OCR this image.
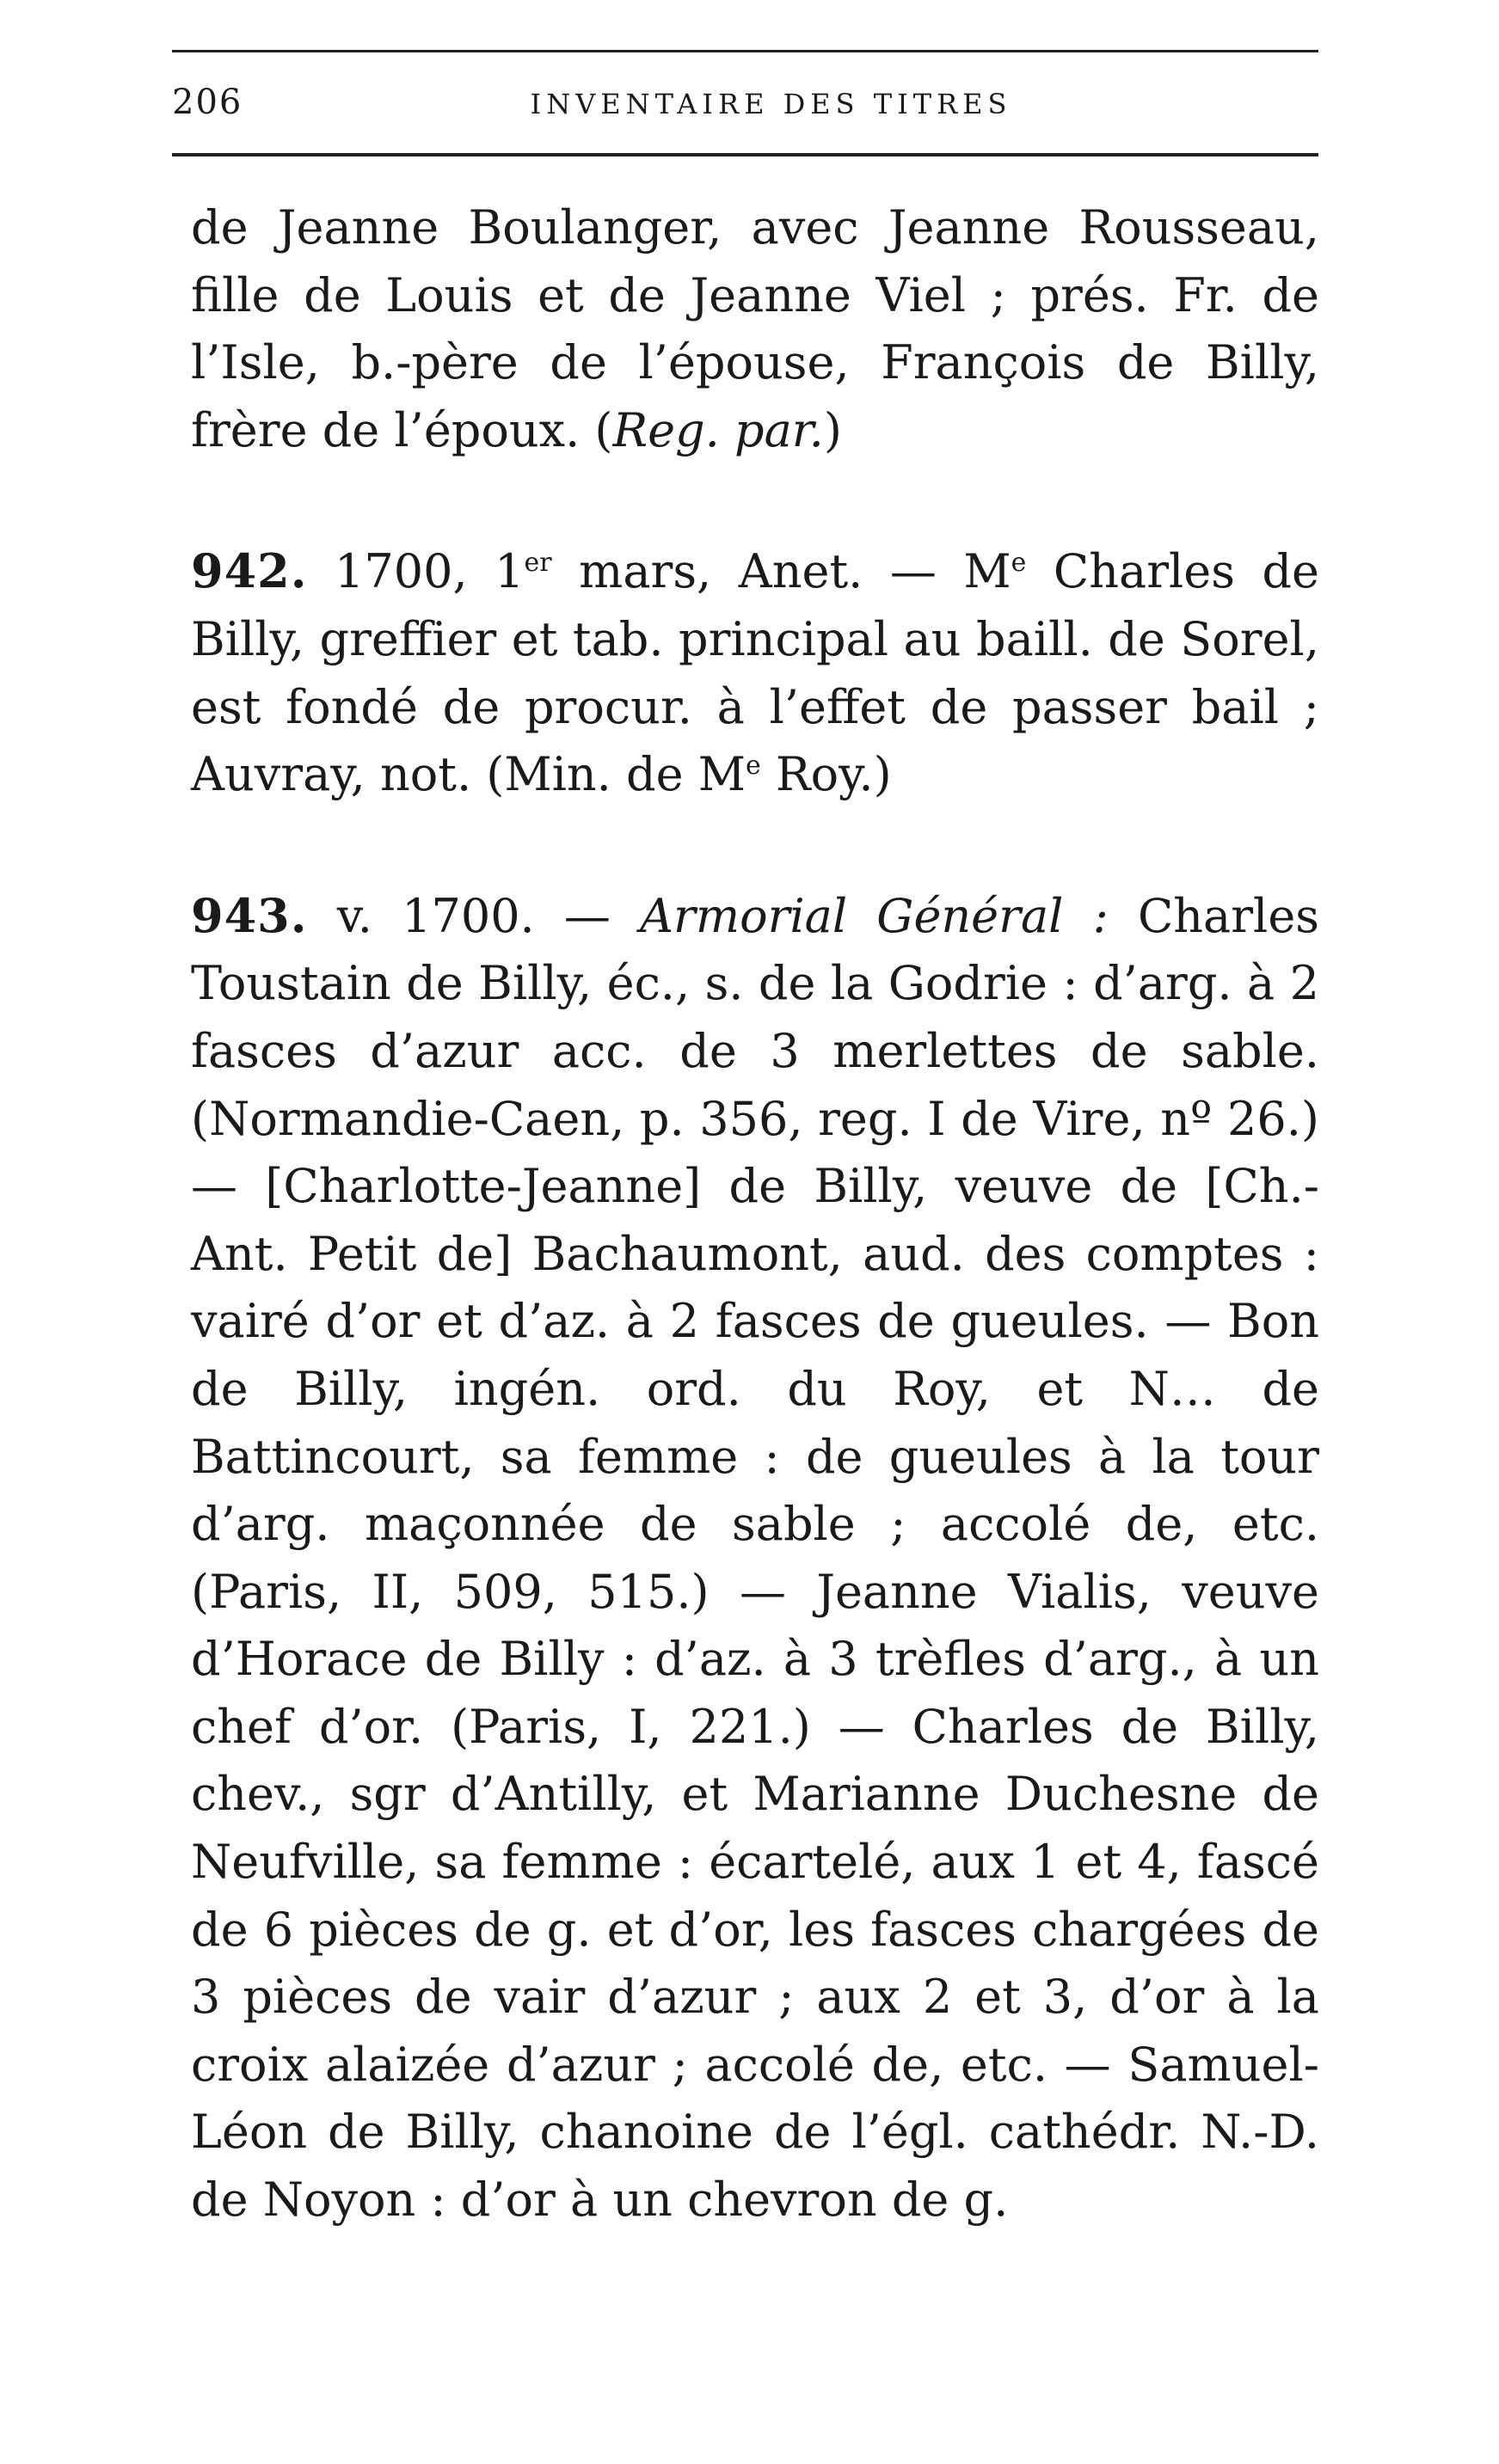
206	INVENTAIRE DES TITRES

de Jeanne Boulanger, avec Jeanne Rousseau, fille de Louis et de Jeanne Viel ; prés. Fr. de l’Isle, b.-père de l’épouse, François de Billy, frère de l’époux. (Reg. par.)

942. 1700, 1er mars, Anet. — Me Charles de Billy, greffier et tab. principal au baill. de Sorel, est fondé de procur. à l’effet de passer bail ; Auvray, not. (Min. de Me Roy.)

943. v. 1700. — Armorial Général : Charles Toustain de Billy, éc., s. de la Godrie : d’arg. à 2 fasces d’azur acc. de 3 merlettes de sable. (Normandie-Caen, p. 356, reg. I de Vire, nº 26.) — [Charlotte-Jeanne] de Billy, veuve de [Ch.-Ant. Petit de] Bachaumont, aud. des comptes : vairé d’or et d’az. à 2 fasces de gueules. — Bon de Billy, ingén. ord. du Roy, et N… de Battincourt, sa femme : de gueules à la tour d’arg. maçonnée de sable ; accolé de, etc. (Paris, II, 509, 515.) — Jeanne Vialis, veuve d’Horace de Billy : d’az. à 3 trèfles d’arg., à un chef d’or. (Paris, I, 221.) — Charles de Billy, chev., sgr d’Antilly, et Marianne Duchesne de Neufville, sa femme : écartelé, aux 1 et 4, fascé de 6 pièces de g. et d’or, les fasces chargées de 3 pièces de vair d’azur ; aux 2 et 3, d’or à la croix alaizée d’azur ; accolé de, etc. — Samuel-Léon de Billy, chanoine de l’égl. cathédr. N.-D. de Noyon : d’or à un chevron de g.
